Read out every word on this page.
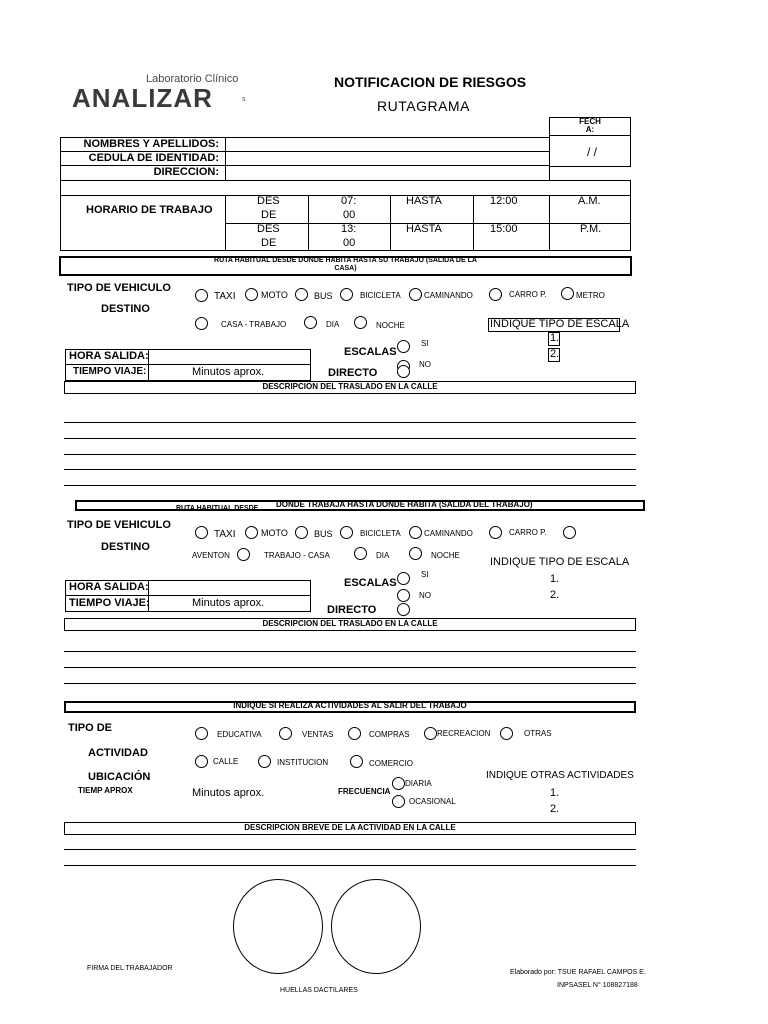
Laboratorio Clínico
ANALIZAR	s
NOTIFICACION DE RIESGOS
RUTAGRAMA
FECH
A:
/ /
NOMBRES Y APELLIDOS:
CEDULA DE IDENTIDAD:
DIRECCION:
HORARIO DE TRABAJO
DES
DE
07:
00
HASTA	12:00	A.M.
DES
DE
13:
00
HASTA	15:00	P.M.
RUTA HABITUAL DESDE DONDE HABITA HASTA SU TRABAJO (SALIDA DE LA
CASA)
TIPO DE VEHICULO
DESTINO
TAXI	MOTO	BUS	BICICLETA	CAMINANDO	CARRO P.	METRO
CASA - TRABAJO	DIA	NOCHE	INDIQUE TIPO DE ESCALA
1.
2.
HORA SALIDA:
TIEMPO VIAJE:	Minutos aprox.
ESCALAS
SI
NO
DIRECTO
DESCRIPCION DEL TRASLADO EN LA CALLE
RUTA HABITUAL DESDE DONDE TRABAJA HASTA DONDE HABITA (SALIDA DEL TRABAJO)
TIPO DE VEHICULO
DESTINO
TAXI	MOTO	BUS	BICICLETA	CAMINANDO	CARRO P.
AVENTON	TRABAJO - CASA	DIA	NOCHE
INDIQUE TIPO DE ESCALA
1.
2.
HORA SALIDA:
TIEMPO VIAJE:	Minutos aprox.
ESCALAS
SI
NO
DIRECTO
DESCRIPCION DEL TRASLADO EN LA CALLE
INDIQUE SI REALIZA ACTIVIDADES AL SALIR DEL TRABAJO
TIPO DE
ACTIVIDAD
UBICACIÓN
TIEMP APROX	Minutos aprox.
EDUCATIVA	VENTAS	COMPRAS	RECREACION	OTRAS
CALLE	INSTITUCION	COMERCIO
FRECUENCIA
DIARIA
OCASIONAL
INDIQUE OTRAS ACTIVIDADES
1.
2.
DESCRIPCION BREVE DE LA ACTIVIDAD EN LA CALLE
FIRMA DEL TRABAJADOR
HUELLAS DACTILARES
Elaborado por: TSUE RAFAEL CAMPOS E.
INPSASEL N° 108827188
